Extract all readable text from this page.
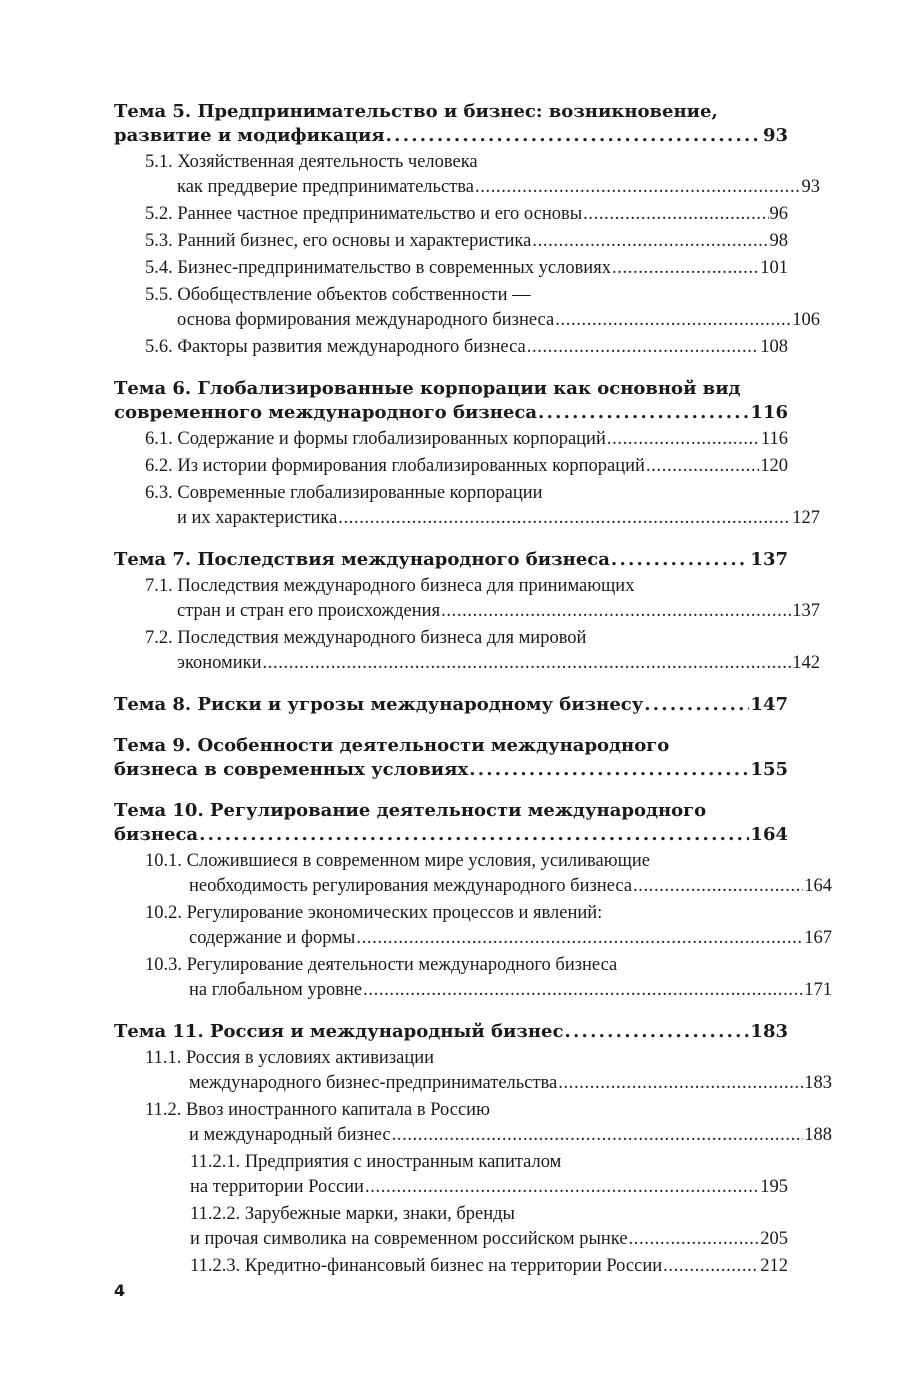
Тема 5. Предпринимательство и бизнес: возникновение,
развитие и модификация . . .	93
5.1. Хозяйственная деятельность человека
как преддверие предпринимательства . . .	93
5.2. Раннее частное предпринимательство и его основы . . .	96
5.3. Ранний бизнес, его основы и характеристика . . .	98
5.4. Бизнес-предпринимательство в современных условиях . . .	101
5.5. Обобществление объектов собственности —
основа формирования международного бизнеса . . .	106
5.6. Факторы развития международного бизнеса . . .	108
Тема 6. Глобализированные корпорации как основной вид
современного международного бизнеса . . .	116
6.1. Содержание и формы глобализированных корпораций . . .	116
6.2. Из истории формирования глобализированных корпораций . . .	120
6.3. Современные глобализированные корпорации
и их характеристика . . .	127
Тема 7. Последствия международного бизнеса . . .	137
7.1. Последствия международного бизнеса для принимающих
стран и стран его происхождения . . .	137
7.2. Последствия международного бизнеса для мировой
экономики . . .	142
Тема 8. Риски и угрозы международному бизнесу . . .	147
Тема 9. Особенности деятельности международного
бизнеса в современных условиях . . .	155
Тема 10. Регулирование деятельности международного
бизнеса . . .	164
10.1. Сложившиеся в современном мире условия, усиливающие
необходимость регулирования международного бизнеса . . .	164
10.2. Регулирование экономических процессов и явлений:
содержание и формы . . .	167
10.3. Регулирование деятельности международного бизнеса
на глобальном уровне . . .	171
Тема 11. Россия и международный бизнес . . .	183
11.1. Россия в условиях активизации
международного бизнес-предпринимательства . . .	183
11.2. Ввоз иностранного капитала в Россию
и международный бизнес . . .	188
11.2.1. Предприятия с иностранным капиталом
на территории России . . .	195
11.2.2. Зарубежные марки, знаки, бренды
и прочая символика на современном российском рынке . . .	205
11.2.3. Кредитно-финансовый бизнес на территории России . . .	212
4
